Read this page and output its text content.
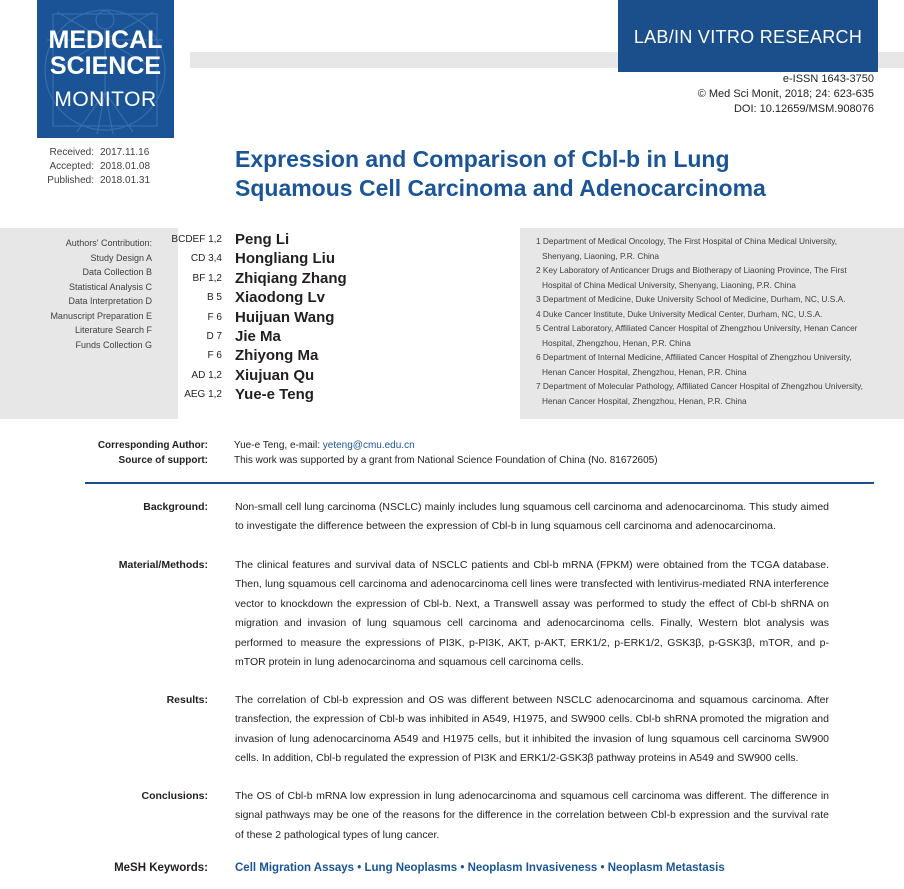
MEDICAL
SCIENCE
MONITOR
LAB/IN VITRO RESEARCH
e-ISSN 1643-3750
© Med Sci Monit, 2018; 24: 623-635
DOI: 10.12659/MSM.908076
Received: 2017.11.16
Accepted: 2018.01.08
Published: 2018.01.31
Expression and Comparison of Cbl-b in Lung
Squamous Cell Carcinoma and Adenocarcinoma
Authors' Contribution:
Study Design A
Data Collection B
Statistical Analysis C
Data Interpretation D
Manuscript Preparation E
Literature Search F
Funds Collection G
BCDEF 1,2 Peng Li
CD 3,4 Hongliang Liu
BF 1,2 Zhiqiang Zhang
B 5 Xiaodong Lv
F 6 Huijuan Wang
D 7 Jie Ma
F 6 Zhiyong Ma
AD 1,2 Xiujuan Qu
AEG 1,2 Yue-e Teng
1 Department of Medical Oncology, The First Hospital of China Medical University, Shenyang, Liaoning, P.R. China
2 Key Laboratory of Anticancer Drugs and Biotherapy of Liaoning Province, The First Hospital of China Medical University, Shenyang, Liaoning, P.R. China
3 Department of Medicine, Duke University School of Medicine, Durham, NC, U.S.A.
4 Duke Cancer Institute, Duke University Medical Center, Durham, NC, U.S.A.
5 Central Laboratory, Affiliated Cancer Hospital of Zhengzhou University, Henan Cancer Hospital, Zhengzhou, Henan, P.R. China
6 Department of Internal Medicine, Affiliated Cancer Hospital of Zhengzhou University, Henan Cancer Hospital, Zhengzhou, Henan, P.R. China
7 Department of Molecular Pathology, Affiliated Cancer Hospital of Zhengzhou University, Henan Cancer Hospital, Zhengzhou, Henan, P.R. China
Corresponding Author:	Yue-e Teng, e-mail: yeteng@cmu.edu.cn
Source of support:	This work was supported by a grant from National Science Foundation of China (No. 81672605)
Background:	Non-small cell lung carcinoma (NSCLC) mainly includes lung squamous cell carcinoma and adenocarcinoma. This study aimed to investigate the difference between the expression of Cbl-b in lung squamous cell carcinoma and adenocarcinoma.
Material/Methods:	The clinical features and survival data of NSCLC patients and Cbl-b mRNA (FPKM) were obtained from the TCGA database. Then, lung squamous cell carcinoma and adenocarcinoma cell lines were transfected with lentivirus-mediated RNA interference vector to knockdown the expression of Cbl-b. Next, a Transwell assay was performed to study the effect of Cbl-b shRNA on migration and invasion of lung squamous cell carcinoma and adenocarcinoma cells. Finally, Western blot analysis was performed to measure the expressions of PI3K, p-PI3K, AKT, p-AKT, ERK1/2, p-ERK1/2, GSK3β, p-GSK3β, mTOR, and p-mTOR protein in lung adenocarcinoma and squamous cell carcinoma cells.
Results:	The correlation of Cbl-b expression and OS was different between NSCLC adenocarcinoma and squamous carcinoma. After transfection, the expression of Cbl-b was inhibited in A549, H1975, and SW900 cells. Cbl-b shRNA promoted the migration and invasion of lung adenocarcinoma A549 and H1975 cells, but it inhibited the invasion of lung squamous cell carcinoma SW900 cells. In addition, Cbl-b regulated the expression of PI3K and ERK1/2-GSK3β pathway proteins in A549 and SW900 cells.
Conclusions:	The OS of Cbl-b mRNA low expression in lung adenocarcinoma and squamous cell carcinoma was different. The difference in signal pathways may be one of the reasons for the difference in the correlation between Cbl-b expression and the survival rate of these 2 pathological types of lung cancer.
MeSH Keywords: Cell Migration Assays • Lung Neoplasms • Neoplasm Invasiveness • Neoplasm Metastasis
